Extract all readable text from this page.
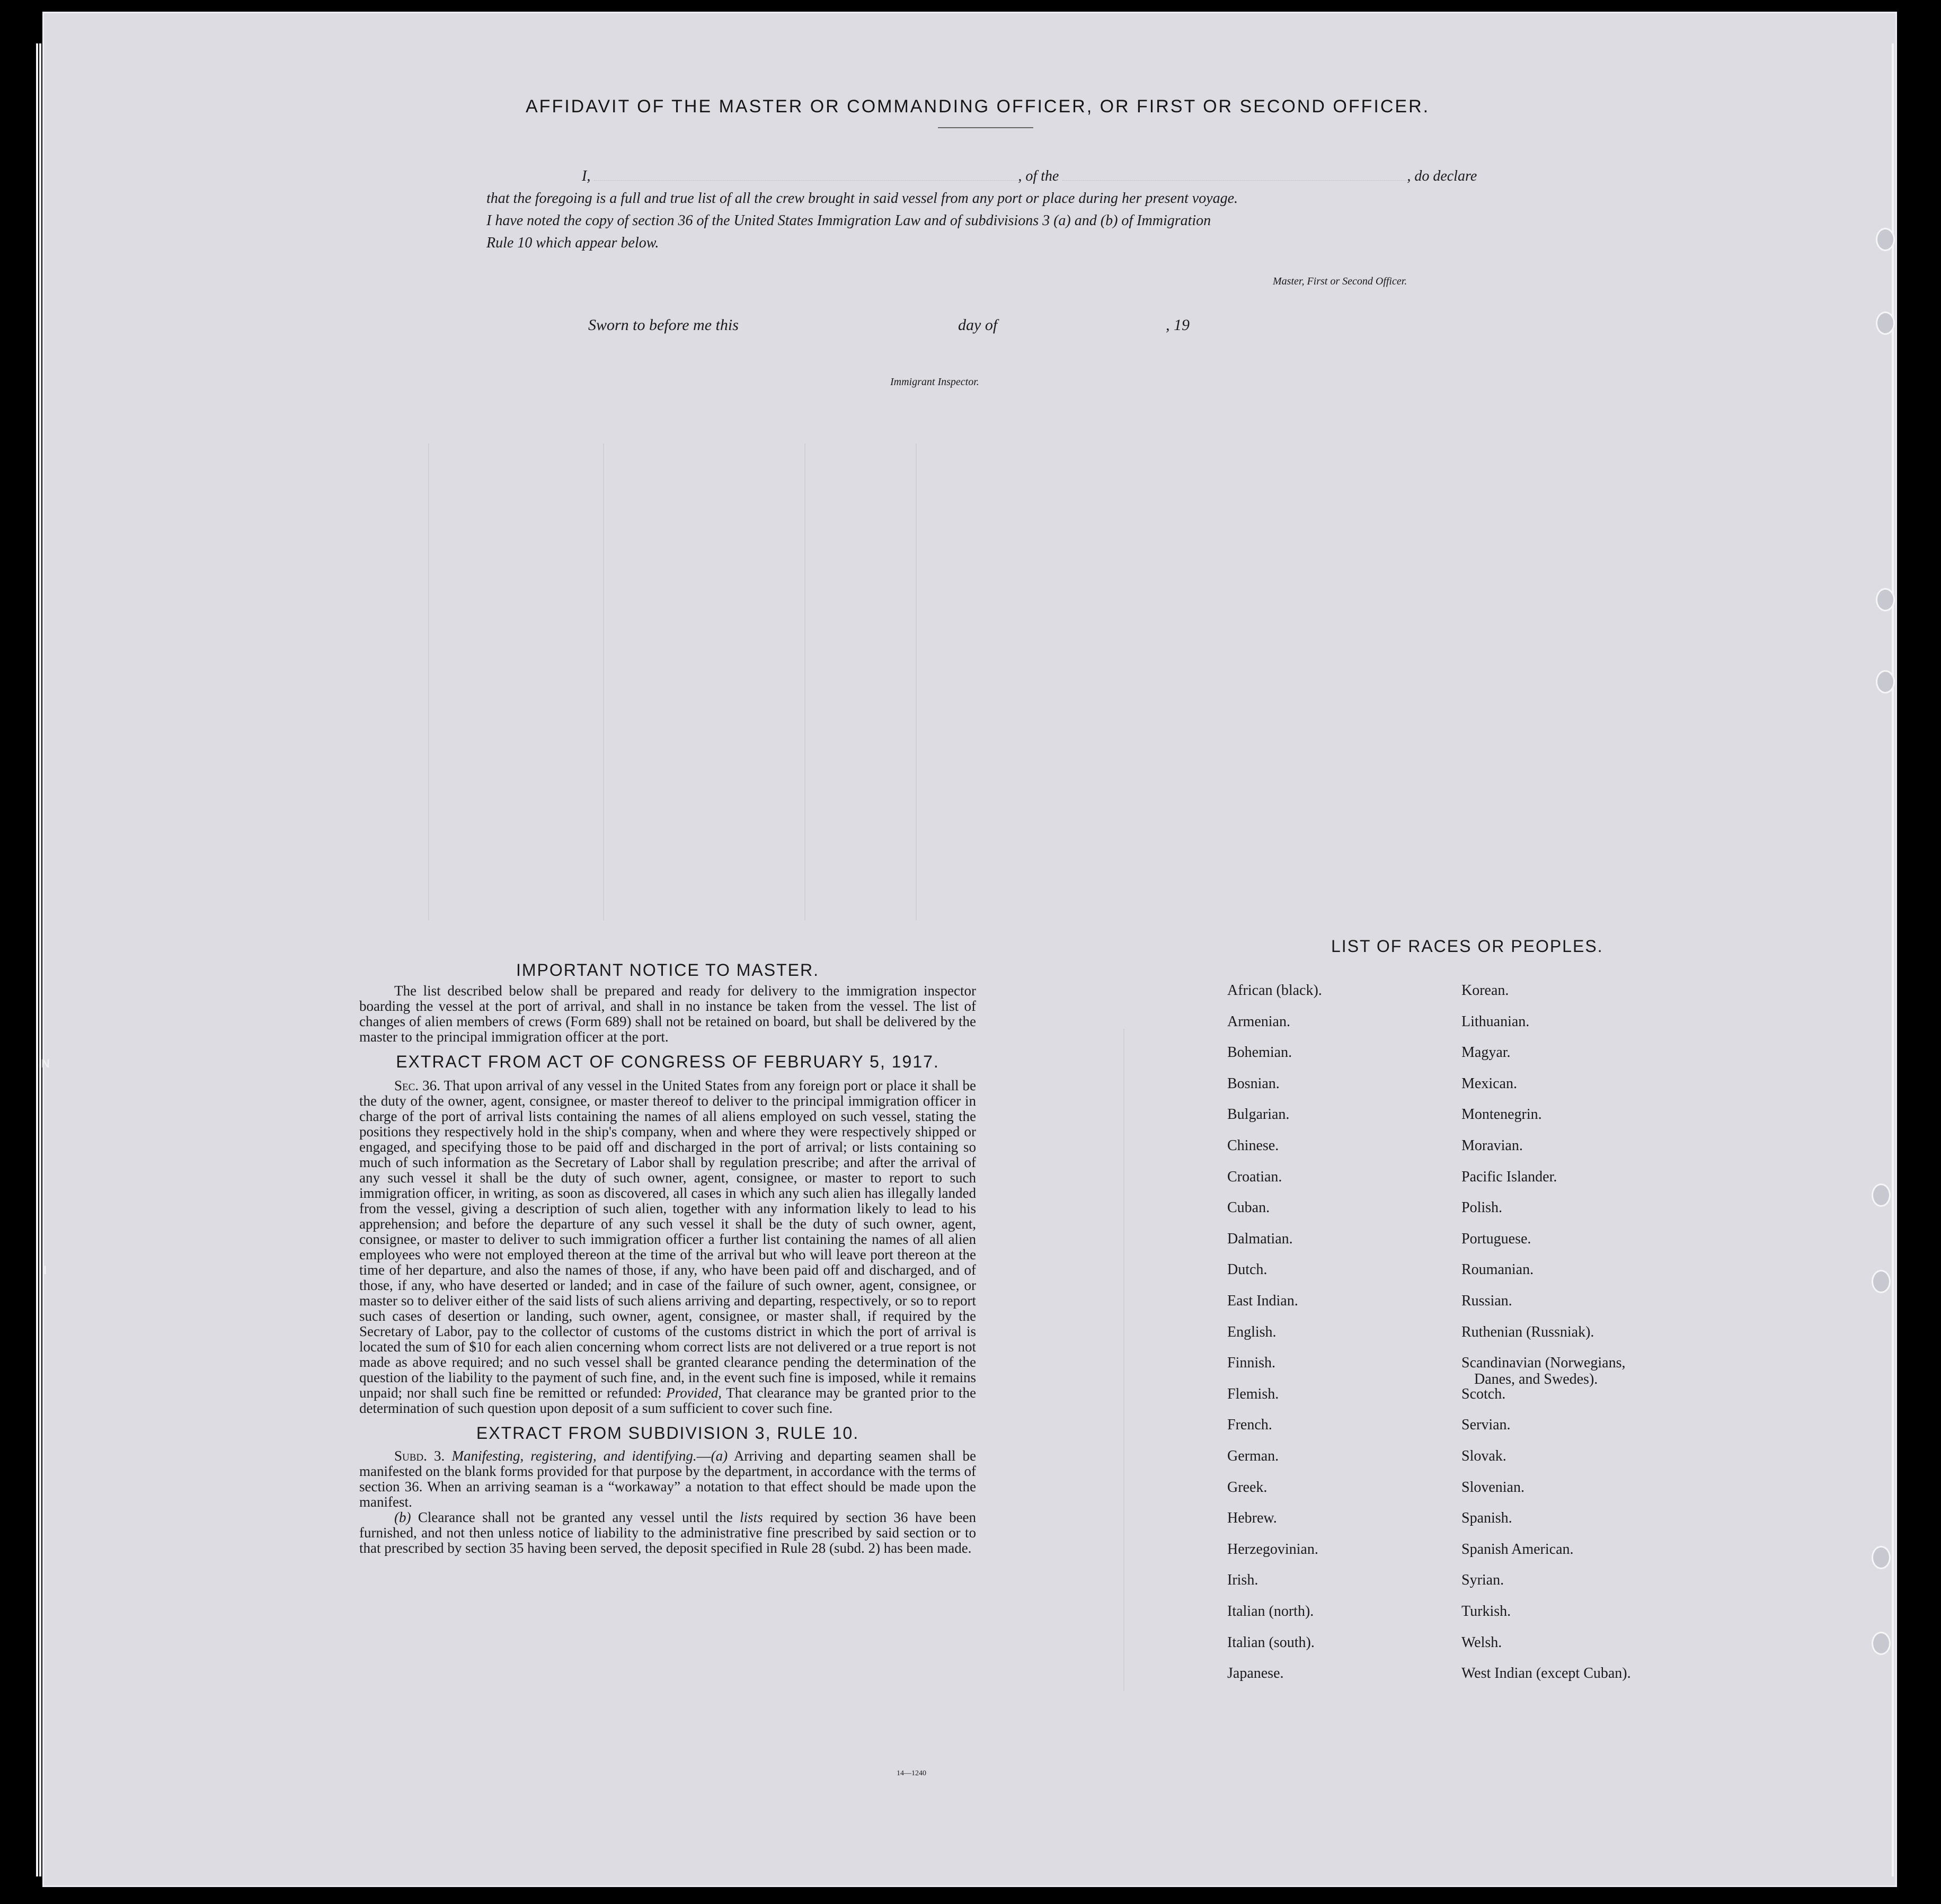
AFFIDAVIT OF THE MASTER OR COMMANDING OFFICER, OR FIRST OR SECOND OFFICER.

I,	, of the	, do declare

that the foregoing is a full and true list of all the crew brought in said vessel from any port or place during her present voyage.

I have noted the copy of section 36 of the United States Immigration Law and of subdivisions 3 (a) and (b) of Immigration

Rule 10 which appear below.

Master, First or Second Officer.
Sworn to before me this	day of	, 19
Immigrant Inspector.
IMPORTANT NOTICE TO MASTER.

The list described below shall be prepared and ready for delivery to the immigration inspector boarding the vessel at the port of arrival, and shall in no instance be taken from the vessel. The list of changes of alien members of crews (Form 689) shall not be retained on board, but shall be delivered by the master to the principal immigration officer at the port.

EXTRACT FROM ACT OF CONGRESS OF FEBRUARY 5, 1917.

Sec. 36. That upon arrival of any vessel in the United States from any foreign port or place it shall be the duty of the owner, agent, consignee, or master thereof to deliver to the principal immigration officer in charge of the port of arrival lists containing the names of all aliens employed on such vessel, stating the positions they respectively hold in the ship's company, when and where they were respectively shipped or engaged, and specifying those to be paid off and discharged in the port of arrival; or lists containing so much of such information as the Secretary of Labor shall by regulation prescribe; and after the arrival of any such vessel it shall be the duty of such owner, agent, consignee, or master to report to such immigration officer, in writing, as soon as discovered, all cases in which any such alien has illegally landed from the vessel, giving a description of such alien, together with any information likely to lead to his apprehension; and before the departure of any such vessel it shall be the duty of such owner, agent, consignee, or master to deliver to such immigration officer a further list containing the names of all alien employees who were not employed thereon at the time of the arrival but who will leave port thereon at the time of her departure, and also the names of those, if any, who have been paid off and discharged, and of those, if any, who have deserted or landed; and in case of the failure of such owner, agent, consignee, or master so to deliver either of the said lists of such aliens arriving and departing, respectively, or so to report such cases of desertion or landing, such owner, agent, consignee, or master shall, if required by the Secretary of Labor, pay to the collector of customs of the customs district in which the port of arrival is located the sum of $10 for each alien concerning whom correct lists are not delivered or a true report is not made as above required; and no such vessel shall be granted clearance pending the determination of the question of the liability to the payment of such fine, and, in the event such fine is imposed, while it remains unpaid; nor shall such fine be remitted or refunded: Provided, That clearance may be granted prior to the determination of such question upon deposit of a sum sufficient to cover such fine.

EXTRACT FROM SUBDIVISION 3, RULE 10.

Subd. 3. Manifesting, registering, and identifying.—(a) Arriving and departing seamen shall be manifested on the blank forms provided for that purpose by the department, in accordance with the terms of section 36. When an arriving seaman is a “workaway” a notation to that effect should be made upon the manifest.

(b) Clearance shall not be granted any vessel until the lists required by section 36 have been furnished, and not then unless notice of liability to the administrative fine prescribed by said section or to that prescribed by section 35 having been served, the deposit specified in Rule 28 (subd. 2) has been made.

14—1240
LIST OF RACES OR PEOPLES.
African (black).
Armenian.
Bohemian.
Bosnian.
Bulgarian.
Chinese.
Croatian.
Cuban.
Dalmatian.
Dutch.
East Indian.
English.
Finnish.
Flemish.
French.
German.
Greek.
Hebrew.
Herzegovinian.
Irish.
Italian (north).
Italian (south).
Japanese.
Korean.
Lithuanian.
Magyar.
Mexican.
Montenegrin.
Moravian.
Pacific Islander.
Polish.
Portuguese.
Roumanian.
Russian.
Ruthenian (Russniak).
Scandinavian (Norwegians,
Scotch.
Servian.
Slovak.
Slovenian.
Spanish.
Spanish American.
Syrian.
Turkish.
Welsh.
West Indian (except Cuban).
Danes, and Swedes).
N
I
